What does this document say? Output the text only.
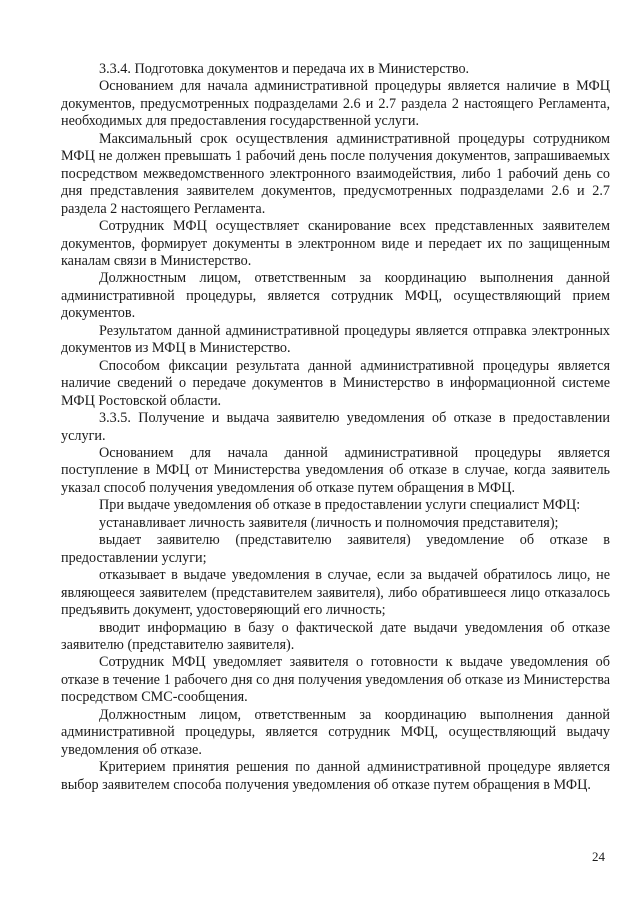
3.3.4. Подготовка документов и передача их в Министерство.

Основанием для начала административной процедуры является наличие в МФЦ документов, предусмотренных подразделами 2.6 и 2.7 раздела 2 настоящего Регламента, необходимых для предоставления государственной услуги.

Максимальный срок осуществления административной процедуры сотрудником МФЦ не должен превышать 1 рабочий день после получения документов, запрашиваемых посредством межведомственного электронного взаимодействия, либо 1 рабочий день со дня представления заявителем документов, предусмотренных подразделами 2.6 и 2.7 раздела 2 настоящего Регламента.

Сотрудник МФЦ осуществляет сканирование всех представленных заявителем документов, формирует документы в электронном виде и передает их по защищенным каналам связи в Министерство.

Должностным лицом, ответственным за координацию выполнения данной административной процедуры, является сотрудник МФЦ, осуществляющий прием документов.

Результатом данной административной процедуры является отправка электронных документов из МФЦ в Министерство.

Способом фиксации результата данной административной процедуры является наличие сведений о передаче документов в Министерство в информационной системе МФЦ Ростовской области.

3.3.5. Получение и выдача заявителю уведомления об отказе в предоставлении услуги.

Основанием для начала данной административной процедуры является поступление в МФЦ от Министерства уведомления об отказе в случае, когда заявитель указал способ получения уведомления об отказе путем обращения в МФЦ.

При выдаче уведомления об отказе в предоставлении услуги специалист МФЦ:

устанавливает личность заявителя (личность и полномочия представителя);

выдает заявителю (представителю заявителя) уведомление об отказе в предоставлении услуги;

отказывает в выдаче уведомления в случае, если за выдачей обратилось лицо, не являющееся заявителем (представителем заявителя), либо обратившееся лицо отказалось предъявить документ, удостоверяющий его личность;

вводит информацию в базу о фактической дате выдачи уведомления об отказе заявителю (представителю заявителя).

Сотрудник МФЦ уведомляет заявителя о готовности к выдаче уведомления об отказе в течение 1 рабочего дня со дня получения уведомления об отказе из Министерства посредством СМС-сообщения.

Должностным лицом, ответственным за координацию выполнения данной административной процедуры, является сотрудник МФЦ, осуществляющий выдачу уведомления об отказе.

Критерием принятия решения по данной административной процедуре является выбор заявителем способа получения уведомления об отказе путем обращения в МФЦ.

24
